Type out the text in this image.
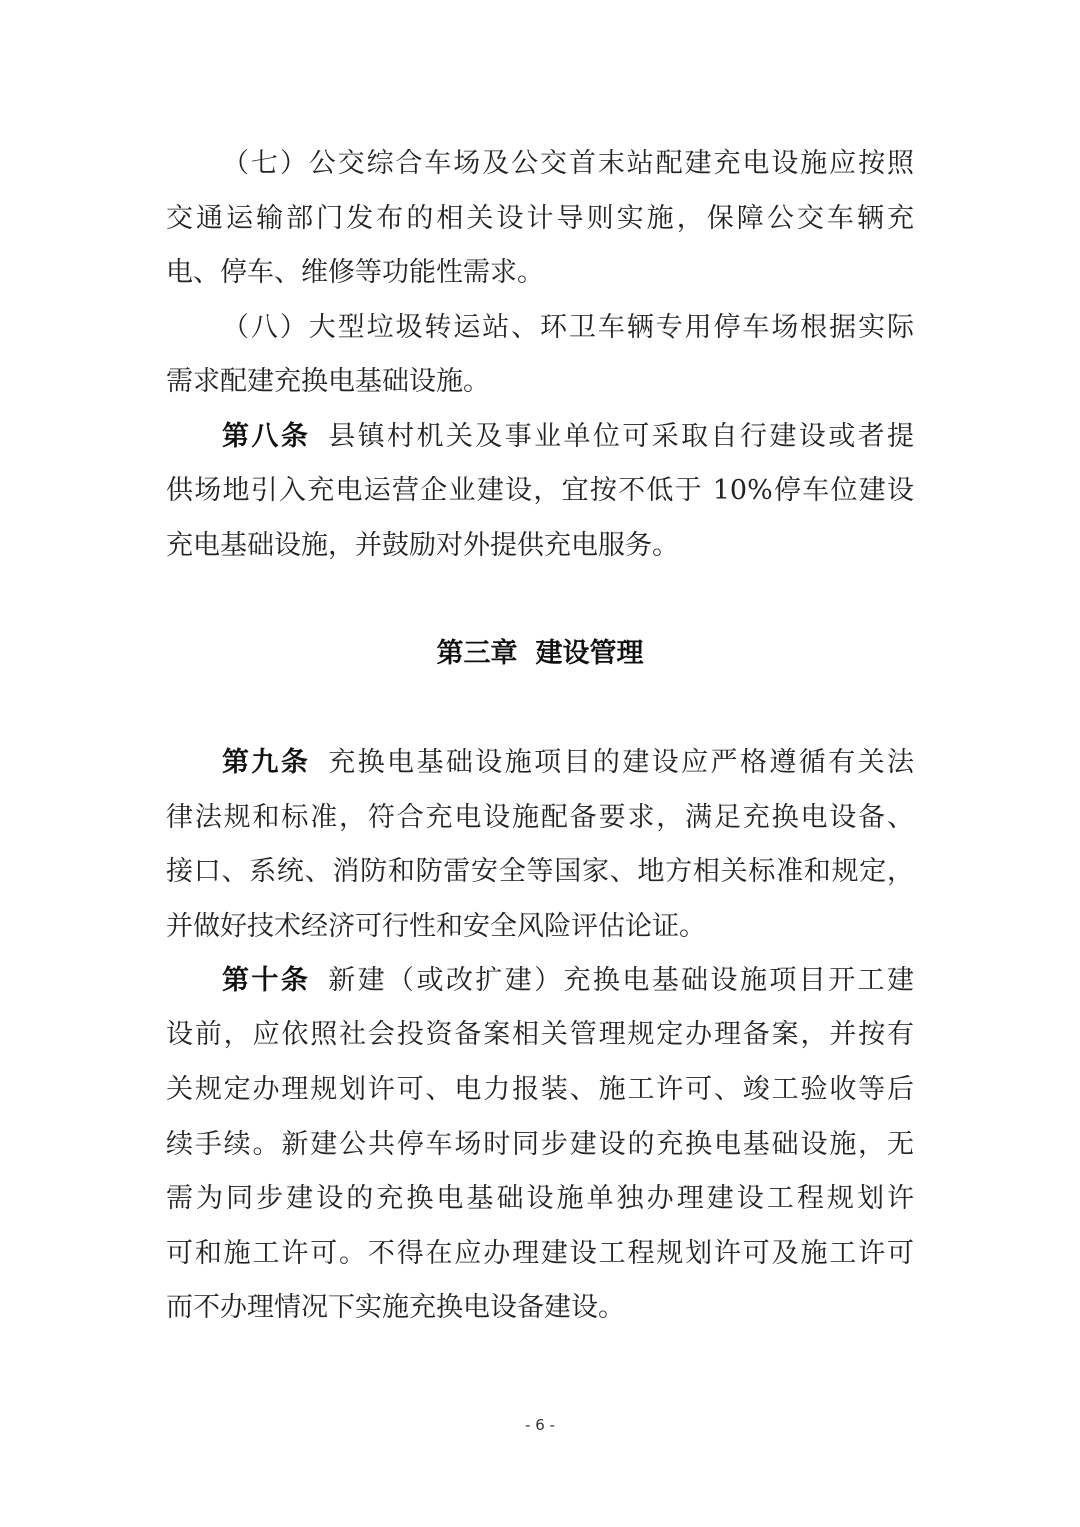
（七）公交综合车场及公交首末站配建充电设施应按照
交通运输部门发布的相关设计导则实施，保障公交车辆充
电、停车、维修等功能性需求。
（八）大型垃圾转运站、环卫车辆专用停车场根据实际
需求配建充换电基础设施。
第八条 县镇村机关及事业单位可采取自行建设或者提
供场地引入充电运营企业建设，宜按不低于 10%停车位建设
充电基础设施，并鼓励对外提供充电服务。
第三章 建设管理
第九条 充换电基础设施项目的建设应严格遵循有关法
律法规和标准，符合充电设施配备要求，满足充换电设备、
接口、系统、消防和防雷安全等国家、地方相关标准和规定，
并做好技术经济可行性和安全风险评估论证。
第十条 新建（或改扩建）充换电基础设施项目开工建
设前，应依照社会投资备案相关管理规定办理备案，并按有
关规定办理规划许可、电力报装、施工许可、竣工验收等后
续手续。新建公共停车场时同步建设的充换电基础设施，无
需为同步建设的充换电基础设施单独办理建设工程规划许
可和施工许可。不得在应办理建设工程规划许可及施工许可
而不办理情况下实施充换电设备建设。
- 6 -
